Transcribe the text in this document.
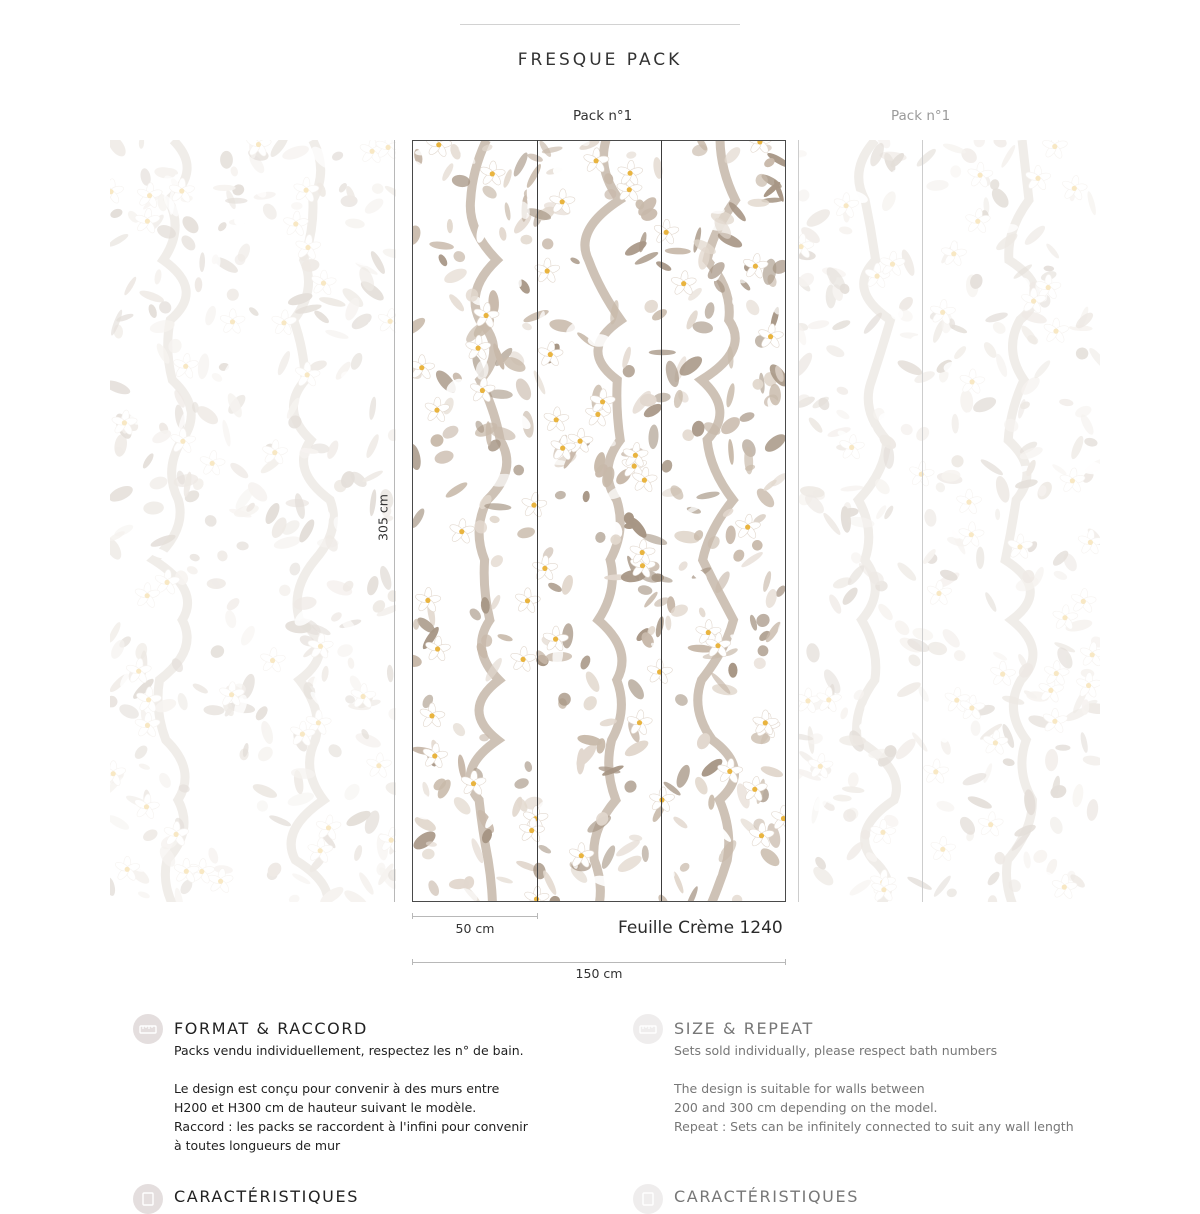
FRESQUE PACK
Pack n°1	Pack n°1
305 cm
50 cm	Feuille Crème 1240
150 cm
FORMAT & RACCORD
Packs vendu individuellement, respectez les n° de bain.
Le design est conçu pour convenir à des murs entre
H200 et H300 cm de hauteur suivant le modèle.
Raccord : les packs se raccordent à l'infini pour convenir
à toutes longueurs de mur
SIZE & REPEAT
Sets sold individually, please respect bath numbers
The design is suitable for walls between
200 and 300 cm depending on the model.
Repeat : Sets can be infinitely connected to suit any wall length
CARACTÉRISTIQUES	CARACTÉRISTIQUES
